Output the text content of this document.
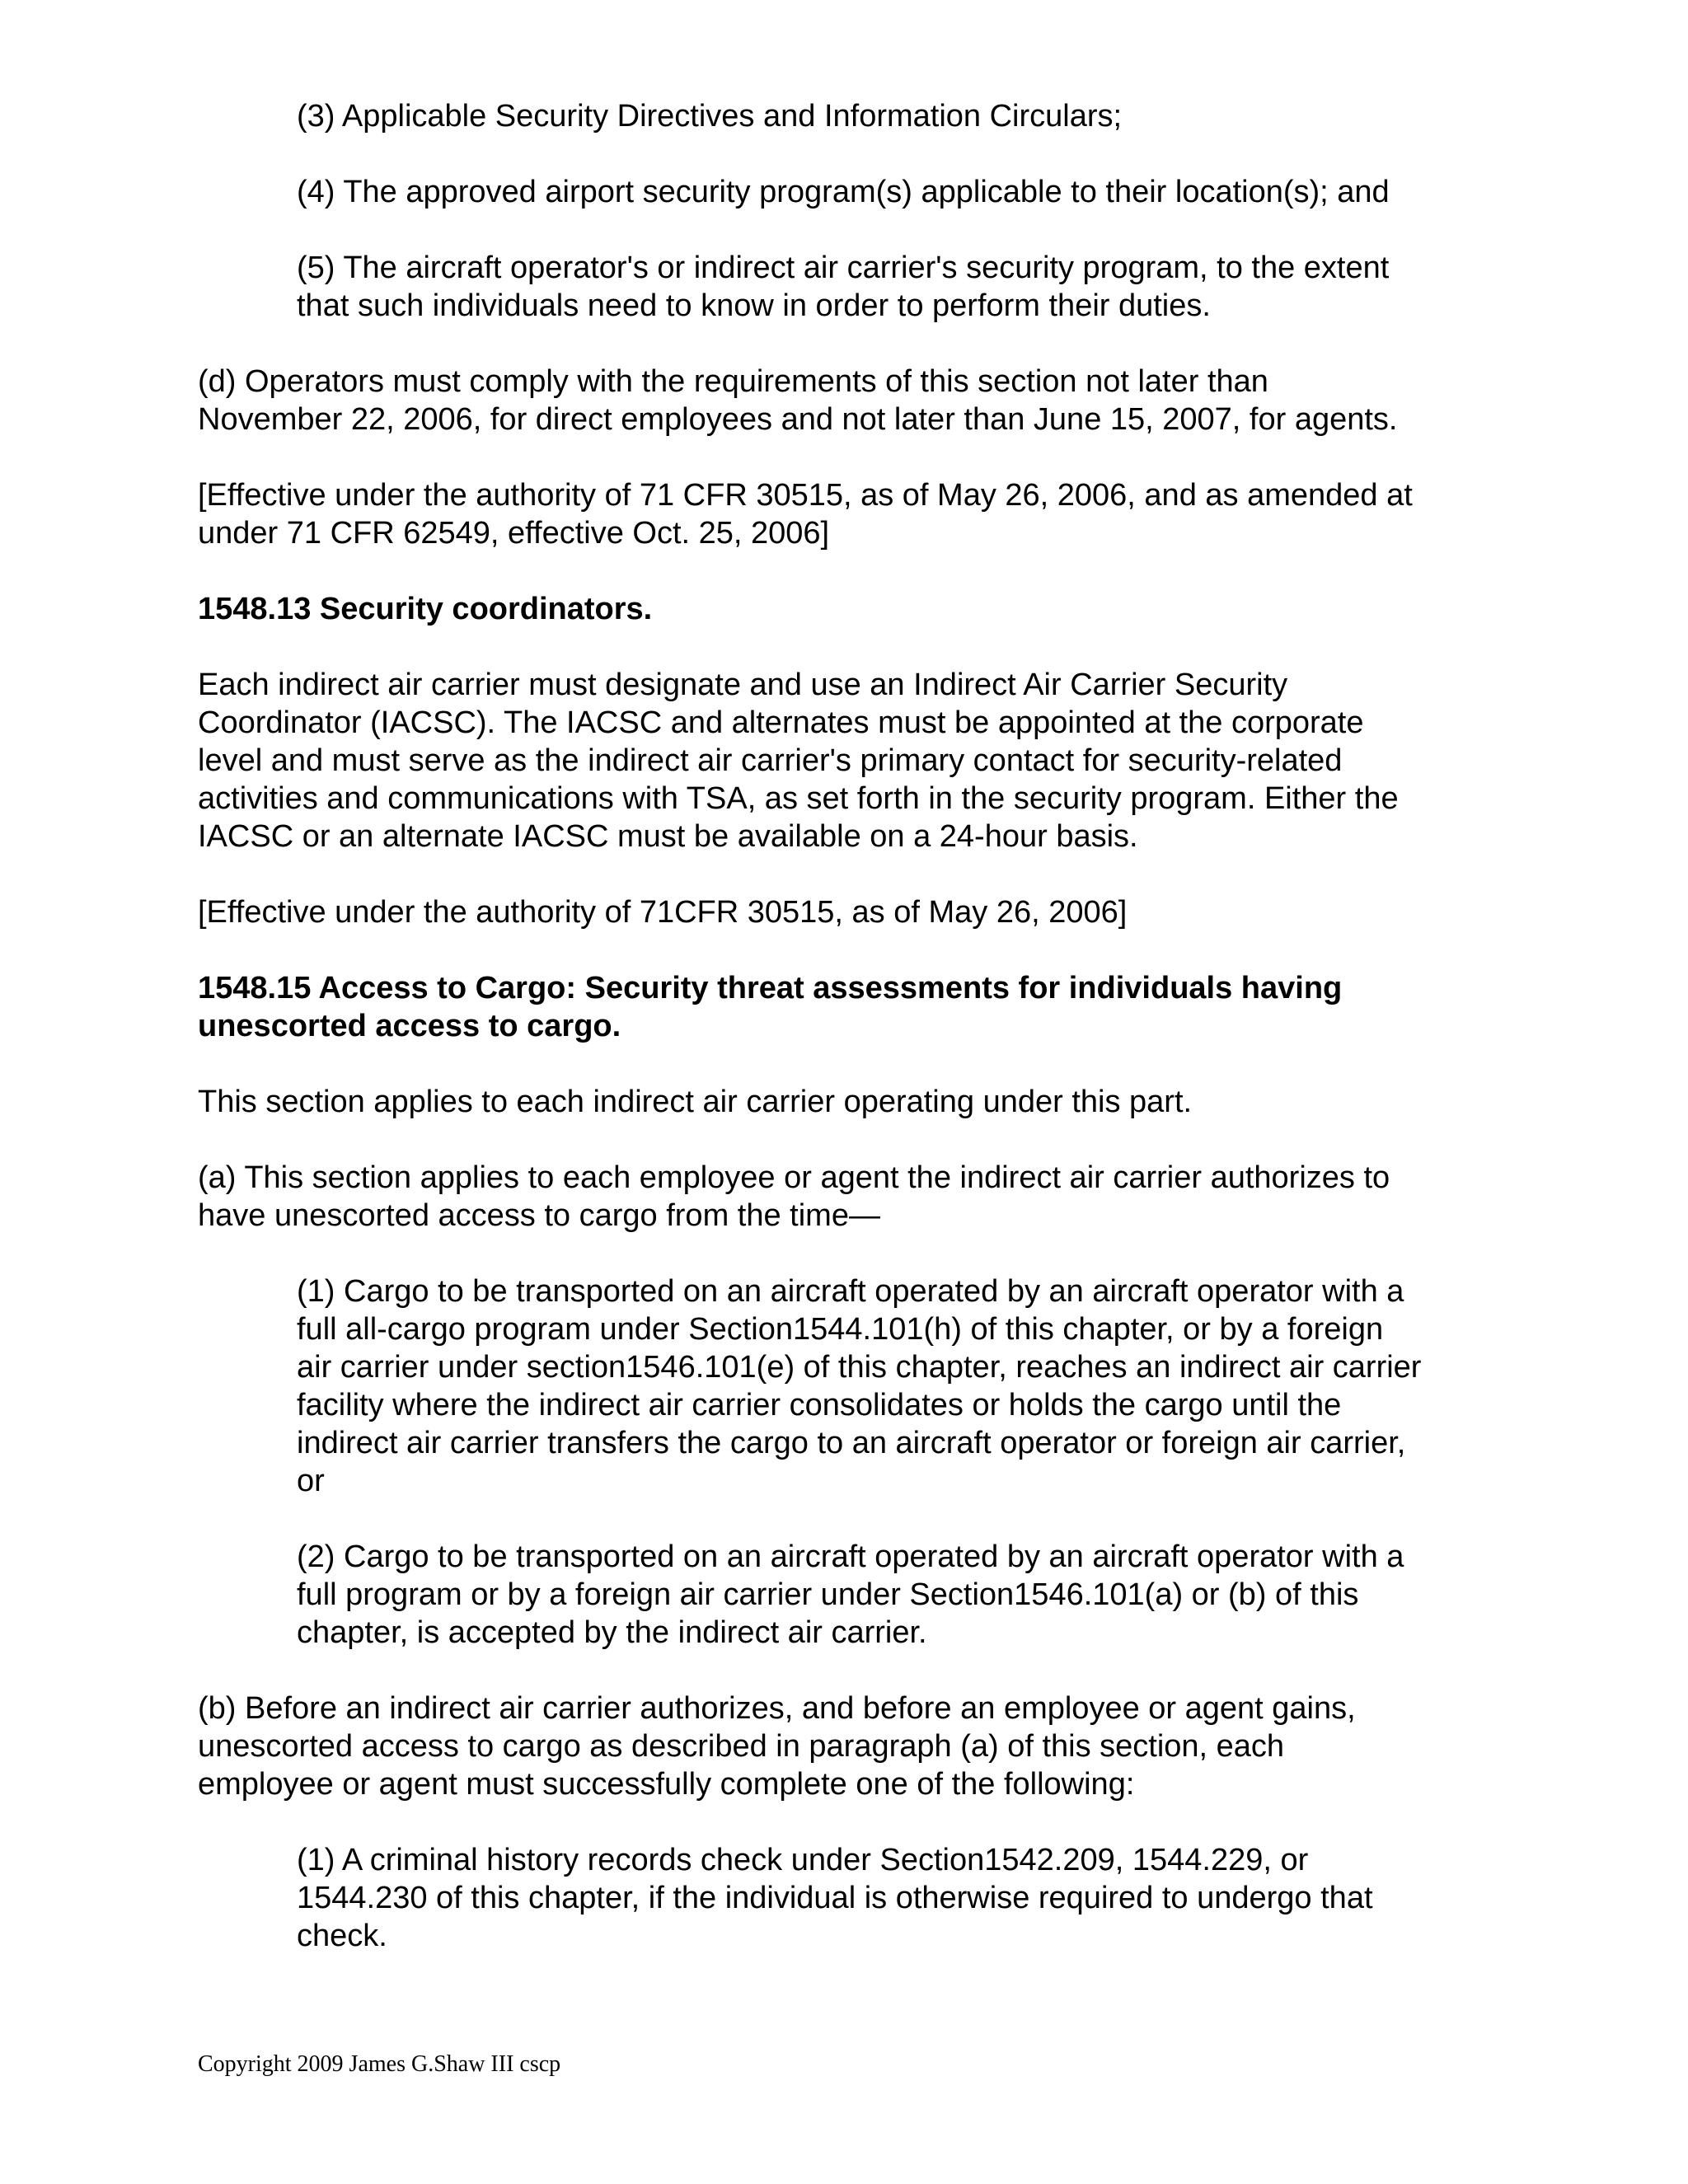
(3) Applicable Security Directives and Information Circulars;

(4) The approved airport security program(s) applicable to their location(s); and

(5) The aircraft operator's or indirect air carrier's security program, to the extent
that such individuals need to know in order to perform their duties.

(d) Operators must comply with the requirements of this section not later than
November 22, 2006, for direct employees and not later than June 15, 2007, for agents.

[Effective under the authority of 71 CFR 30515, as of May 26, 2006, and as amended at
under 71 CFR 62549, effective Oct. 25, 2006]

1548.13 Security coordinators.

Each indirect air carrier must designate and use an Indirect Air Carrier Security
Coordinator (IACSC). The IACSC and alternates must be appointed at the corporate
level and must serve as the indirect air carrier's primary contact for security-related
activities and communications with TSA, as set forth in the security program. Either the
IACSC or an alternate IACSC must be available on a 24-hour basis.

[Effective under the authority of 71CFR 30515, as of May 26, 2006]

1548.15 Access to Cargo: Security threat assessments for individuals having
unescorted access to cargo.

This section applies to each indirect air carrier operating under this part.

(a) This section applies to each employee or agent the indirect air carrier authorizes to
have unescorted access to cargo from the time—

(1) Cargo to be transported on an aircraft operated by an aircraft operator with a
full all-cargo program under Section1544.101(h) of this chapter, or by a foreign
air carrier under section1546.101(e) of this chapter, reaches an indirect air carrier
facility where the indirect air carrier consolidates or holds the cargo until the
indirect air carrier transfers the cargo to an aircraft operator or foreign air carrier,
or

(2) Cargo to be transported on an aircraft operated by an aircraft operator with a
full program or by a foreign air carrier under Section1546.101(a) or (b) of this
chapter, is accepted by the indirect air carrier.

(b) Before an indirect air carrier authorizes, and before an employee or agent gains,
unescorted access to cargo as described in paragraph (a) of this section, each
employee or agent must successfully complete one of the following:

(1) A criminal history records check under Section1542.209, 1544.229, or
1544.230 of this chapter, if the individual is otherwise required to undergo that
check.

Copyright 2009 James G.Shaw III cscp
